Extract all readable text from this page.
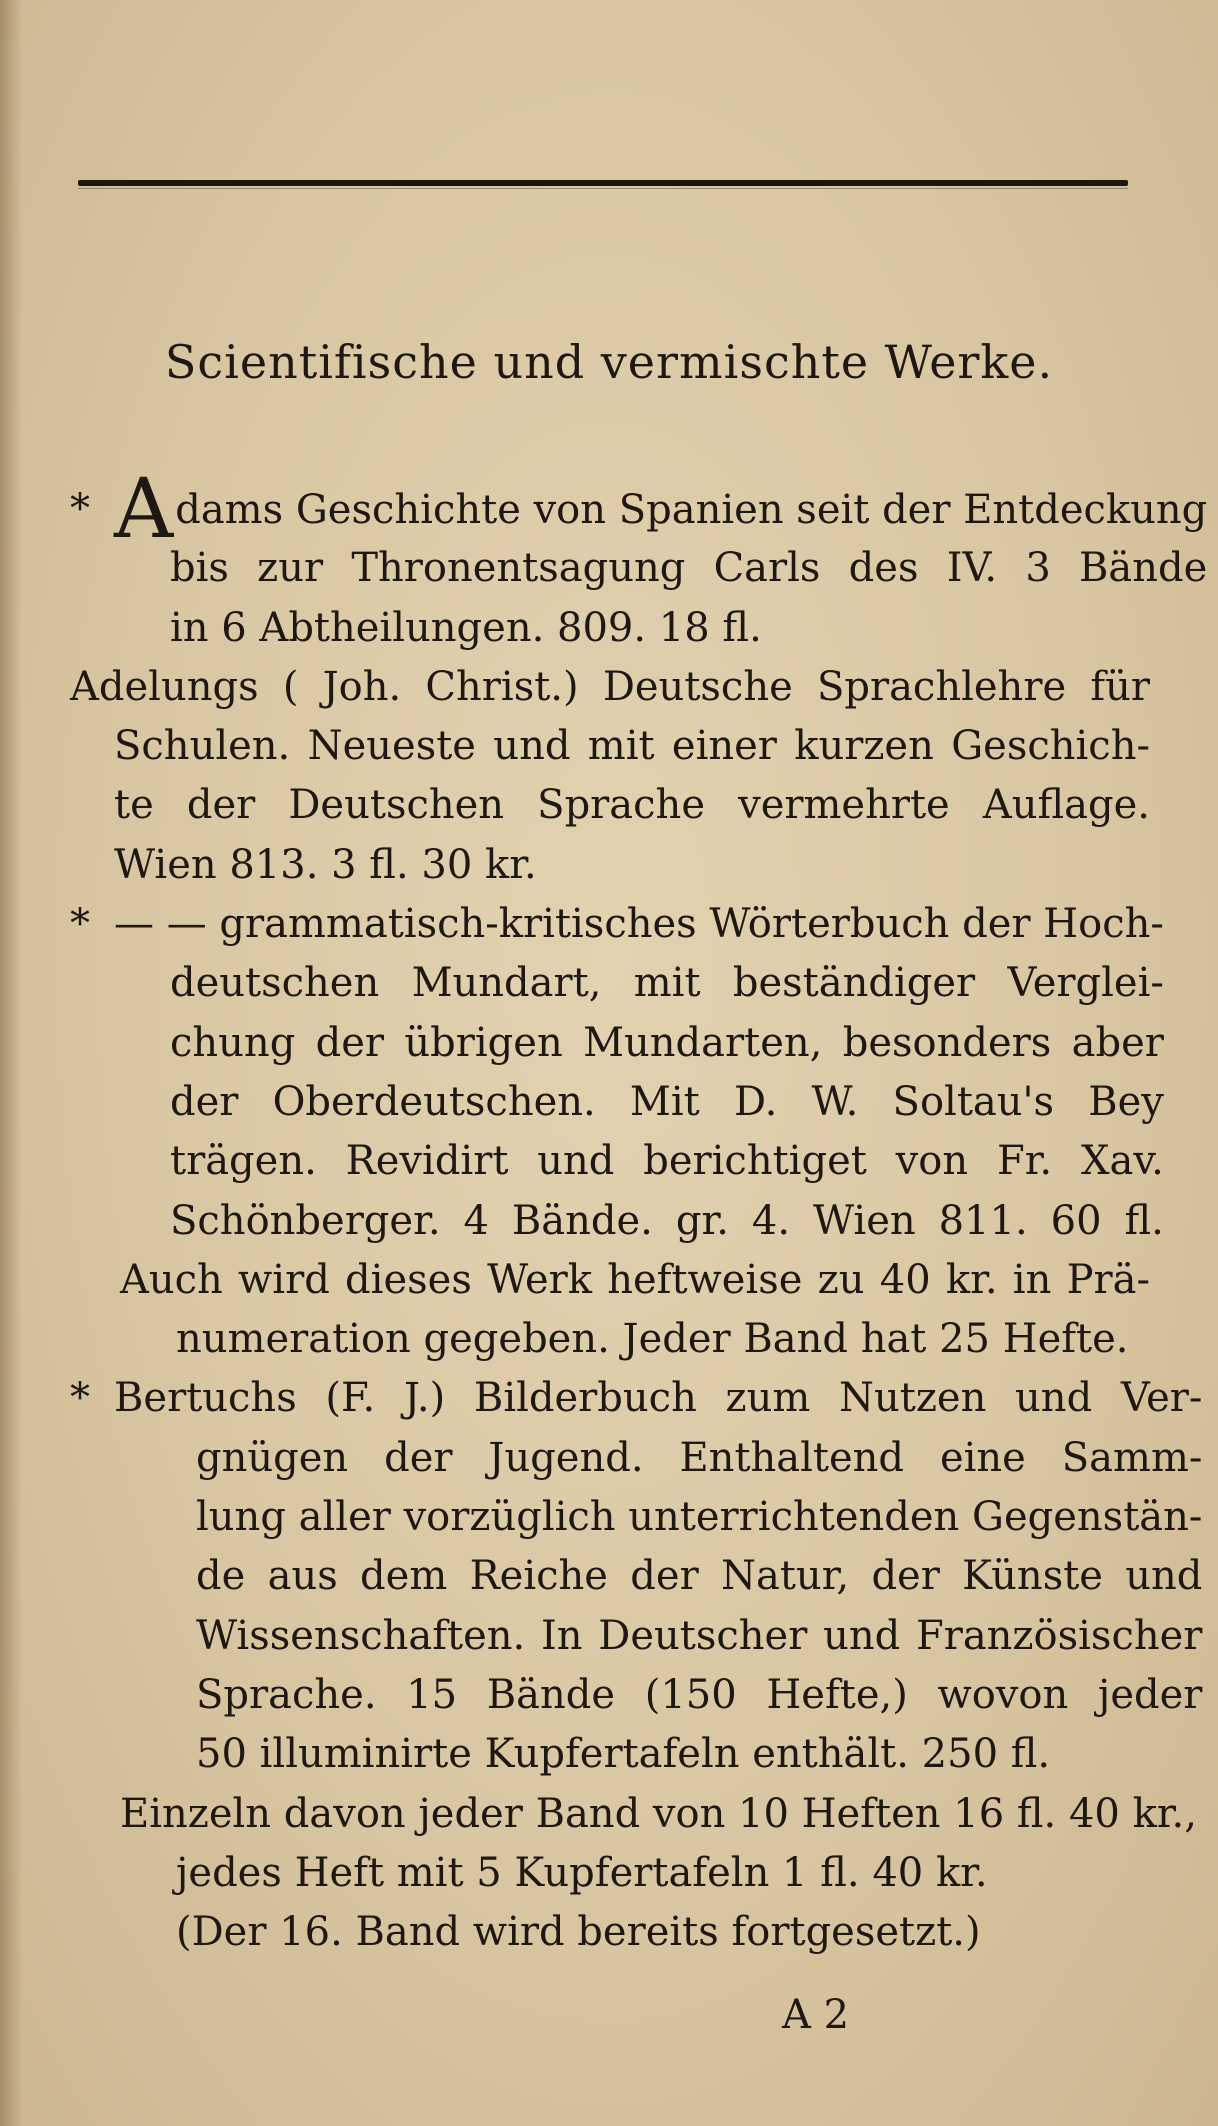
Scientifische und vermischte Werke.
* Adams Geschichte von Spanien seit der Entdeckung
bis zur Thronentsagung Carls des IV. 3 Bände
in 6 Abtheilungen. 809. 18 fl.
Adelungs ( Joh. Christ.) Deutsche Sprachlehre für
Schulen. Neueste und mit einer kurzen Geschich-
te der Deutschen Sprache vermehrte Auflage.
Wien 813. 3 fl. 30 kr.
* — — grammatisch-kritisches Wörterbuch der Hoch-
deutschen Mundart, mit beständiger Verglei-
chung der übrigen Mundarten, besonders aber
der Oberdeutschen. Mit D. W. Soltau's Bey
trägen. Revidirt und berichtiget von Fr. Xav.
Schönberger. 4 Bände. gr. 4. Wien 811. 60 fl.
Auch wird dieses Werk heftweise zu 40 kr. in Prä-
numeration gegeben. Jeder Band hat 25 Hefte.
* Bertuchs (F. J.) Bilderbuch zum Nutzen und Ver-
gnügen der Jugend. Enthaltend eine Samm-
lung aller vorzüglich unterrichtenden Gegenstän-
de aus dem Reiche der Natur, der Künste und
Wissenschaften. In Deutscher und Französischer
Sprache. 15 Bände (150 Hefte,) wovon jeder
50 illuminirte Kupfertafeln enthält. 250 fl.
Einzeln davon jeder Band von 10 Heften 16 fl. 40 kr.,
jedes Heft mit 5 Kupfertafeln 1 fl. 40 kr.
(Der 16. Band wird bereits fortgesetzt.)
A 2
